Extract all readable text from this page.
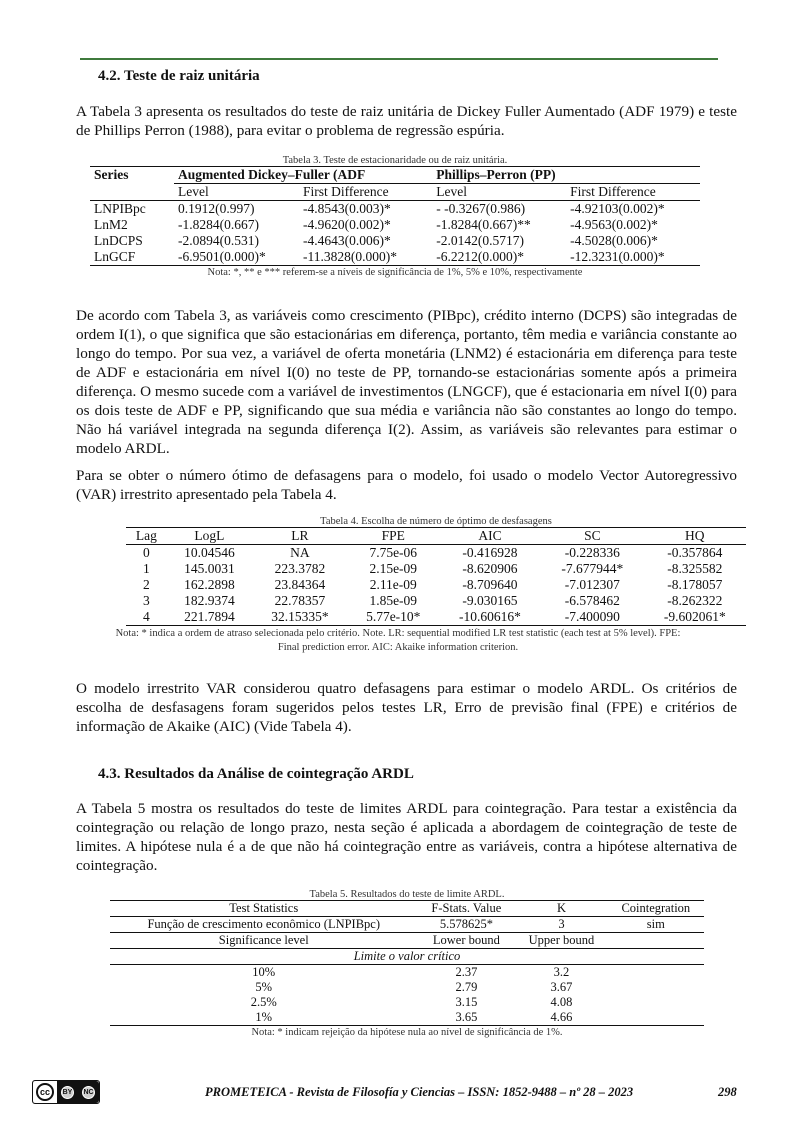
4.2. Teste de raiz unitária

A Tabela 3 apresenta os resultados do teste de raiz unitária de Dickey Fuller Aumentado (ADF 1979) e teste de Phillips Perron (1988), para evitar o problema de regressão espúria.

Tabela 3. Teste de estacionaridade ou de raiz unitária.
Series	Augmented Dickey–Fuller (ADF		Phillips–Perron (PP)	
	Level	First Difference	Level	First Difference
LNPIBpc	0.1912(0.997)	-4.8543(0.003)*	- -0.3267(0.986)	-4.92103(0.002)*
LnM2	-1.8284(0.667)	-4.9620(0.002)*	-1.8284(0.667)**	-4.9563(0.002)*
LnDCPS	-2.0894(0.531)	-4.4643(0.006)*	-2.0142(0.5717)	-4.5028(0.006)*
LnGCF	-6.9501(0.000)*	-11.3828(0.000)*	-6.2212(0.000)*	-12.3231(0.000)*
Nota: *, ** e *** referem-se a níveis de significância de 1%, 5% e 10%, respectivamente

De acordo com Tabela 3, as variáveis como crescimento (PIBpc), crédito interno (DCPS) são integradas de ordem I(1), o que significa que são estacionárias em diferença, portanto, têm media e variância constante ao longo do tempo. Por sua vez, a variável de oferta monetária (LNM2) é estacionária em diferença para teste de ADF e estacionária em nível I(0) no teste de PP, tornando-se estacionárias somente após a primeira diferença. O mesmo sucede com a variável de investimentos (LNGCF), que é estacionaria em nível I(0) para os dois teste de ADF e PP, significando que sua média e variância não são constantes ao longo do tempo. Não há variável integrada na segunda diferença I(2). Assim, as variáveis são relevantes para estimar o modelo ARDL.

Para se obter o número ótimo de defasagens para o modelo, foi usado o modelo Vector Autoregressivo (VAR) irrestrito apresentado pela Tabela 4.

Tabela 4. Escolha de número de óptimo de desfasagens
Lag	LogL	LR	FPE	AIC	SC	HQ
0	10.04546	NA	7.75e-06	-0.416928	-0.228336	-0.357864
1	145.0031	223.3782	2.15e-09	-8.620906	-7.677944*	-8.325582
2	162.2898	23.84364	2.11e-09	-8.709640	-7.012307	-8.178057
3	182.9374	22.78357	1.85e-09	-9.030165	-6.578462	-8.262322
4	221.7894	32.15335*	5.77e-10*	-10.60616*	-7.400090	-9.602061*
Nota: * indica a ordem de atraso selecionada pelo critério. Note. LR: sequential modified LR test statistic (each test at 5% level). FPE:
Final prediction error. AIC: Akaike information criterion.

O modelo irrestrito VAR considerou quatro defasagens para estimar o modelo ARDL. Os critérios de escolha de desfasagens foram sugeridos pelos testes LR, Erro de previsão final (FPE) e critérios de informação de Akaike (AIC) (Vide Tabela 4).

4.3. Resultados da Análise de cointegração ARDL

A Tabela 5 mostra os resultados do teste de limites ARDL para cointegração. Para testar a existência da cointegração ou relação de longo prazo, nesta seção é aplicada a abordagem de cointegração de teste de limites. A hipótese nula é a de que não há cointegração entre as variáveis, contra a hipótese alternativa de cointegração.

Tabela 5. Resultados do teste de limite ARDL.
Test Statistics	F-Stats. Value	K	Cointegration
Função de crescimento econômico (LNPIBpc)	5.578625*	3	sim
Significance level	Lower bound	Upper bound	
Limite o valor crítico			
10%	2.37	3.2	
5%	2.79	3.67	
2.5%	3.15	4.08	
1%	3.65	4.66	
Nota: * indicam rejeição da hipótese nula ao nível de significância de 1%.
cc	BY NC	PROMETEICA - Revista de Filosofía y Ciencias – ISSN: 1852-9488 – nº 28 – 2023	298
